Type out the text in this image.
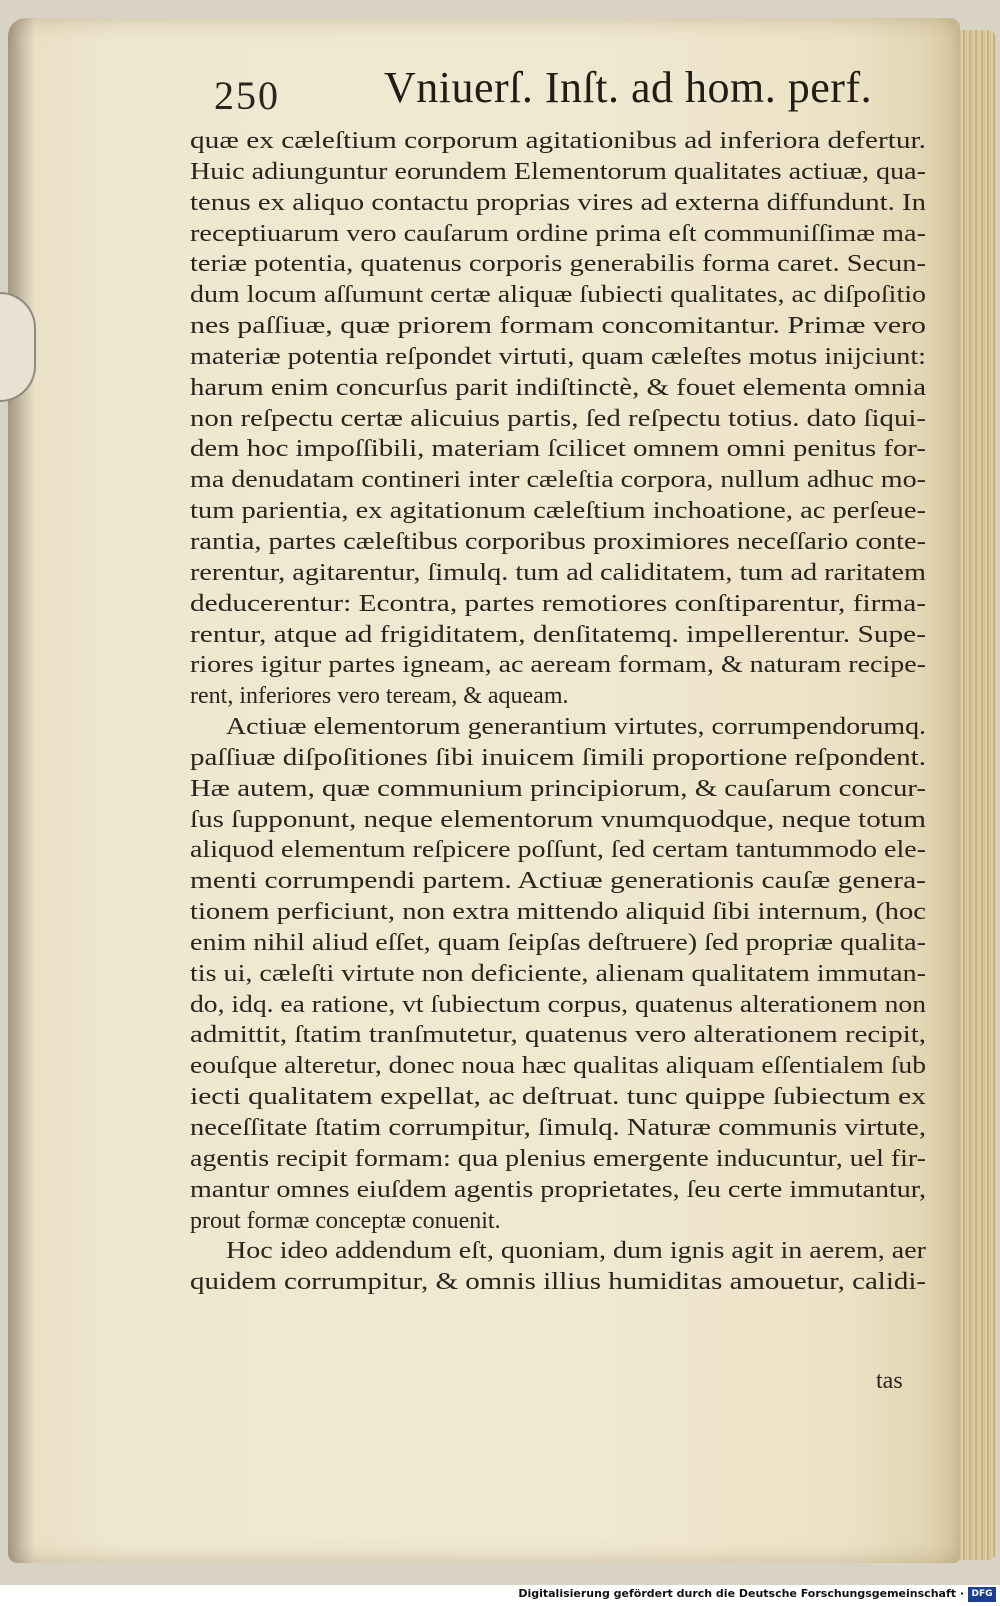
250 Vniuerſ. Inſt. ad hom. perf.
quæ ex cæleſtium corporum agitationibus ad inferiora defertur.
Huic adiunguntur eorundem Elementorum qualitates actiuæ, qua-
tenus ex aliquo contactu proprias vires ad externa diffundunt. In
receptiuarum vero cauſarum ordine prima eſt communiſſimæ ma-
teriæ potentia, quatenus corporis generabilis forma caret. Secun-
dum locum aſſumunt certæ aliquæ ſubiecti qualitates, ac diſpoſitio
nes paſſiuæ, quæ priorem formam concomitantur. Primæ vero
materiæ potentia reſpondet virtuti, quam cæleſtes motus inijciunt:
harum enim concurſus parit indiſtinctè, & fouet elementa omnia
non reſpectu certæ alicuius partis, ſed reſpectu totius. dato ſiqui-
dem hoc impoſſibili, materiam ſcilicet omnem omni penitus for-
ma denudatam contineri inter cæleſtia corpora, nullum adhuc mo-
tum parientia, ex agitationum cæleſtium inchoatione, ac perſeue-
rantia, partes cæleſtibus corporibus proximiores neceſſario conte-
rerentur, agitarentur, ſimulq. tum ad caliditatem, tum ad raritatem
deducerentur: Econtra, partes remotiores conſtiparentur, firma-
rentur, atque ad frigiditatem, denſitatemq. impellerentur. Supe-
riores igitur partes igneam, ac aeream formam, & naturam recipe-
rent, inferiores vero teream, & aqueam.
Actiuæ elementorum generantium virtutes, corrumpendorumq.
paſſiuæ diſpoſitiones ſibi inuicem ſimili proportione reſpondent.
Hæ autem, quæ communium principiorum, & cauſarum concur-
ſus ſupponunt, neque elementorum vnumquodque, neque totum
aliquod elementum reſpicere poſſunt, ſed certam tantummodo ele-
menti corrumpendi partem. Actiuæ generationis cauſæ genera-
tionem perficiunt, non extra mittendo aliquid ſibi internum, (hoc
enim nihil aliud eſſet, quam ſeipſas deſtruere) ſed propriæ qualita-
tis ui, cæleſti virtute non deficiente, alienam qualitatem immutan-
do, idq. ea ratione, vt ſubiectum corpus, quatenus alterationem non
admittit, ſtatim tranſmutetur, quatenus vero alterationem recipit,
eouſque alteretur, donec noua hæc qualitas aliquam eſſentialem ſub
iecti qualitatem expellat, ac deſtruat. tunc quippe ſubiectum ex
neceſſitate ſtatim corrumpitur, ſimulq. Naturæ communis virtute,
agentis recipit formam: qua plenius emergente inducuntur, uel fir-
mantur omnes eiuſdem agentis proprietates, ſeu certe immutantur,
prout formæ conceptæ conuenit.
Hoc ideo addendum eſt, quoniam, dum ignis agit in aerem, aer
quidem corrumpitur, & omnis illius humiditas amouetur, calidi-
tas
Digitalisierung gefördert durch die Deutsche Forschungsgemeinschaft · DFG
